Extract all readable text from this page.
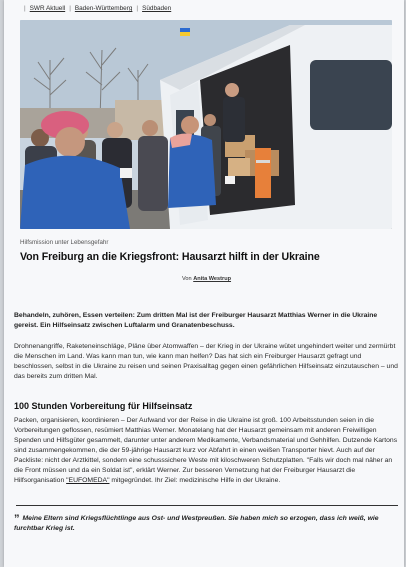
| SWR Aktuell | Baden-Württemberg | Südbaden
Hilfsmission unter Lebensgefahr
Von Freiburg an die Kriegsfront: Hausarzt hilft in der Ukraine
Von Anita Westrup

Behandeln, zuhören, Essen verteilen: Zum dritten Mal ist der Freiburger Hausarzt Matthias Werner in die Ukraine gereist. Ein Hilfseinsatz zwischen Luftalarm und Granatenbeschuss.

Drohnenangriffe, Raketeneinschläge, Pläne über Atomwaffen – der Krieg in der Ukraine wütet ungehindert weiter und zermürbt die Menschen im Land. Was kann man tun, wie kann man helfen? Das hat sich ein Freiburger Hausarzt gefragt und beschlossen, selbst in die Ukraine zu reisen und seinen Praxisalltag gegen einen gefährlichen Hilfseinsatz einzutauschen – und das bereits zum dritten Mal.

100 Stunden Vorbereitung für Hilfseinsatz

Packen, organisieren, koordinieren – Der Aufwand vor der Reise in die Ukraine ist groß. 100 Arbeitsstunden seien in die Vorbereitungen geflossen, resümiert Matthias Werner. Monatelang hat der Hausarzt gemeinsam mit anderen Freiwilligen Spenden und Hilfsgüter gesammelt, darunter unter anderem Medikamente, Verbandsmaterial und Gehhilfen. Dutzende Kartons sind zusammengekommen, die der 59-jährige Hausarzt kurz vor Abfahrt in einen weißen Transporter hievt. Auch auf der Packliste: nicht der Arztkittel, sondern eine schusssichere Weste mit kiloschweren Schutzplatten. "Falls wir doch mal näher an die Front müssen und da ein Soldat ist", erklärt Werner. Zur besseren Vernetzung hat der Freiburger Hausarzt die Hilfsorganisation "EUFOMEDA" mitgegründet. Ihr Ziel: medizinische Hilfe in der Ukraine.

” Meine Eltern sind Kriegsflüchtlinge aus Ost- und Westpreußen. Sie haben mich so erzogen, dass ich weiß, wie furchtbar Krieg ist.
